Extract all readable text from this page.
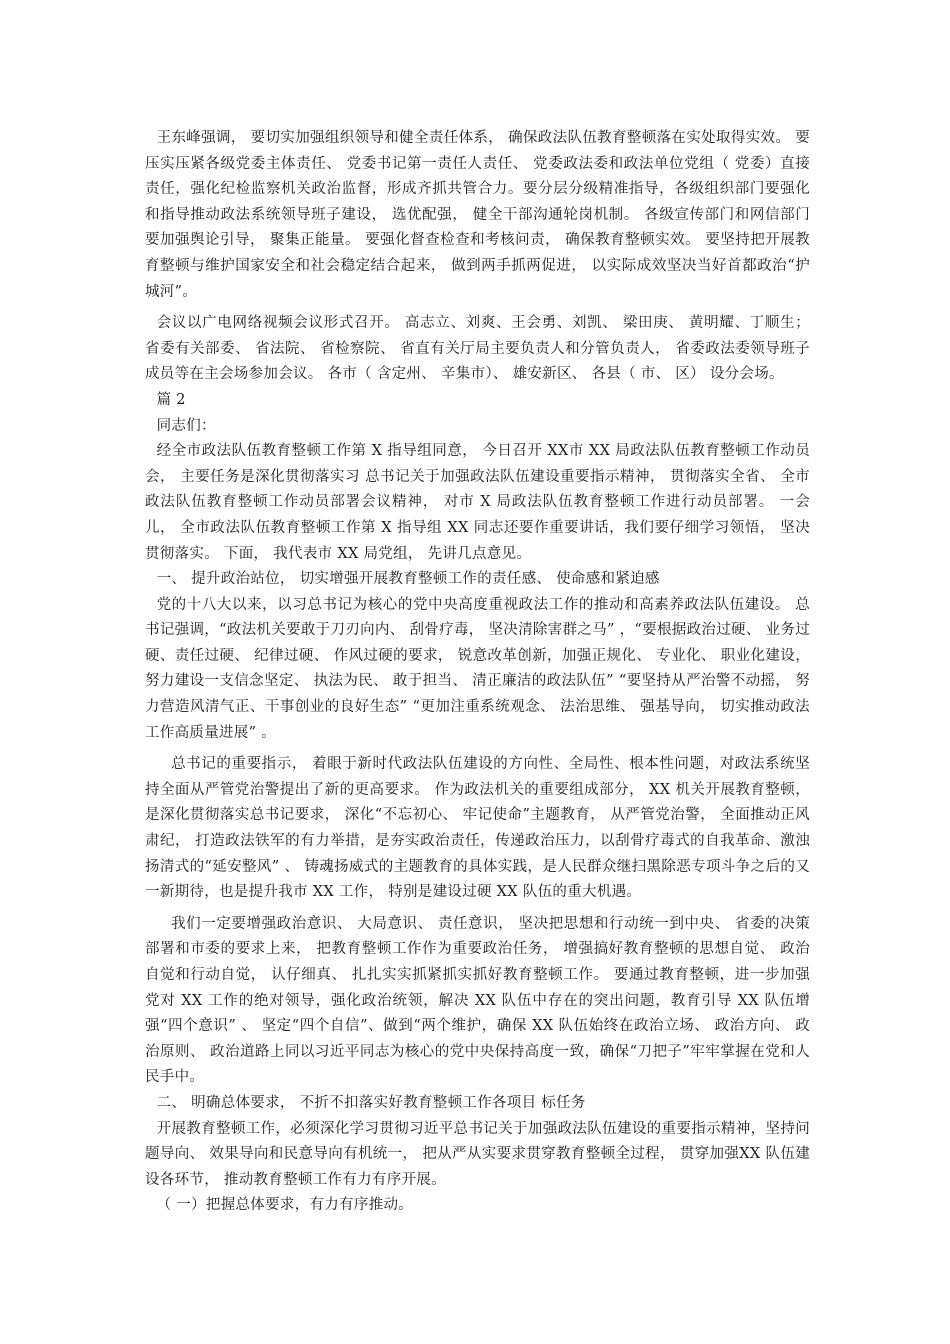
王东峰强调， 要切实加强组织领导和健全责任体系， 确保政法队伍教育整顿落在实处取得实效。 要压实压紧各级党委主体责任、 党委书记第一责任人责任、 党委政法委和政法单位党组（ 党委）直接责任，强化纪检监察机关政治监督，形成齐抓共管合力。要分层分级精准指导，各级组织部门要强化和指导推动政法系统领导班子建设， 选优配强， 健全干部沟通轮岗机制。 各级宣传部门和网信部门要加强舆论引导， 聚集正能量。 要强化督查检查和考核问责， 确保教育整顿实效。 要坚持把开展教育整顿与维护国家安全和社会稳定结合起来， 做到两手抓两促进， 以实际成效坚决当好首都政治“护城河”。

会议以广电网络视频会议形式召开。 高志立、刘爽、王会勇、刘凯、 梁田庚、 黄明耀、丁顺生； 省委有关部委、 省法院、 省检察院、 省直有关厅局主要负责人和分管负责人， 省委政法委领导班子成员等在主会场参加会议。 各市（ 含定州、 辛集市）、 雄安新区、 各县（ 市、 区） 设分会场。

篇 2

同志们：

经全市政法队伍教育整顿工作第 X 指导组同意， 今日召开 XX市 XX 局政法队伍教育整顿工作动员会， 主要任务是深化贯彻落实习 总书记关于加强政法队伍建设重要指示精神， 贯彻落实全省、 全市政法队伍教育整顿工作动员部署会议精神， 对市 X 局政法队伍教育整顿工作进行动员部署。 一会儿， 全市政法队伍教育整顿工作第 X 指导组 XX 同志还要作重要讲话，我们要仔细学习领悟， 坚决贯彻落实。 下面， 我代表市 XX 局党组， 先讲几点意见。

一、 提升政治站位， 切实增强开展教育整顿工作的责任感、 使命感和紧迫感

党的十八大以来，以习总书记为核心的党中央高度重视政法工作的推动和高素养政法队伍建设。 总书记强调，“政法机关要敢于刀刃向内、 刮骨疗毒， 坚决清除害群之马” ，“要根据政治过硬、 业务过硬、责任过硬、 纪律过硬、 作风过硬的要求， 锐意改革创新，加强正规化、 专业化、 职业化建设， 努力建设一支信念坚定、 执法为民、 敢于担当、 清正廉洁的政法队伍” “要坚持从严治警不动摇， 努力营造风清气正、干事创业的良好生态” “更加注重系统观念、 法治思维、 强基导向， 切实推动政法工作高质量进展” 。

总书记的重要指示， 着眼于新时代政法队伍建设的方向性、全局性、根本性问题，对政法系统坚持全面从严管党治警提出了新的更高要求。 作为政法机关的重要组成部分， XX 机关开展教育整顿，是深化贯彻落实总书记要求， 深化“不忘初心、 牢记使命”主题教育， 从严管党治警， 全面推动正风肃纪， 打造政法铁军的有力举措，是夯实政治责任，传递政治压力，以刮骨疗毒式的自我革命、激浊扬清式的“延安整风” 、 铸魂扬威式的主题教育的具体实践，是人民群众继扫黑除恶专项斗争之后的又一新期待，也是提升我市 XX 工作， 特别是建设过硬 XX 队伍的重大机遇。

我们一定要增强政治意识、 大局意识、 责任意识， 坚决把思想和行动统一到中央、 省委的决策部署和市委的要求上来， 把教育整顿工作作为重要政治任务， 增强搞好教育整顿的思想自觉、 政治自觉和行动自觉， 认仔细真、 扎扎实实抓紧抓实抓好教育整顿工作。 要通过教育整顿，进一步加强党对 XX 工作的绝对领导，强化政治统领，解决 XX 队伍中存在的突出问题，教育引导 XX 队伍增强“四个意识” 、 坚定“四个自信”、做到“两个维护，确保 XX 队伍始终在政治立场、 政治方向、 政治原则、 政治道路上同以习近平同志为核心的党中央保持高度一致，确保“刀把子”牢牢掌握在党和人民手中。

二、 明确总体要求， 不折不扣落实好教育整顿工作各项目 标任务

开展教育整顿工作，必须深化学习贯彻习近平总书记关于加强政法队伍建设的重要指示精神，坚持问题导向、 效果导向和民意导向有机统一， 把从严从实要求贯穿教育整顿全过程， 贯穿加强XX 队伍建设各环节， 推动教育整顿工作有力有序开展。

（ 一）把握总体要求，有力有序推动。
